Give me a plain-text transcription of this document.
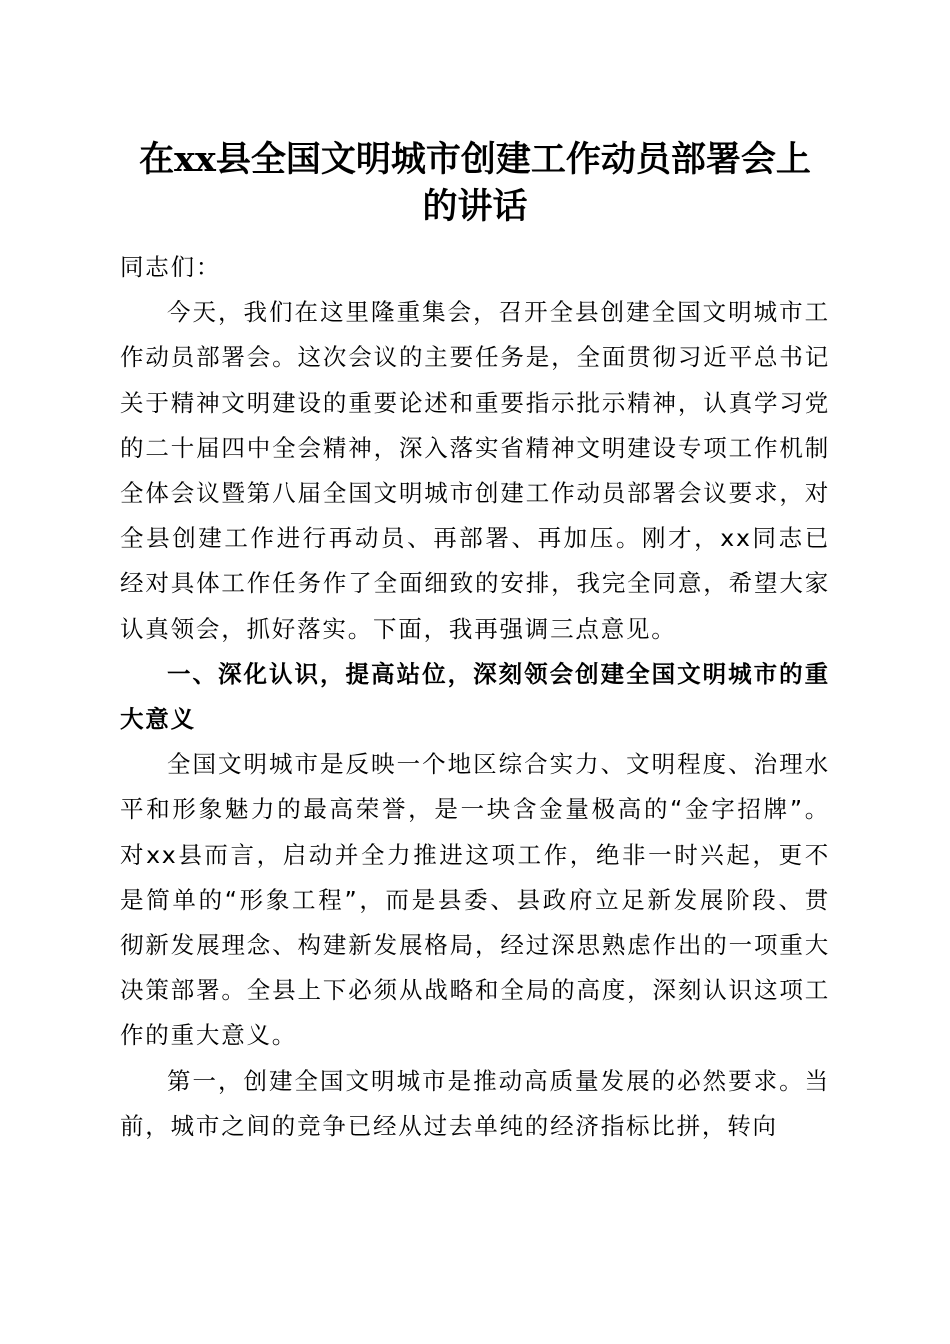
在xx县全国文明城市创建工作动员部署会上
的讲话

同志们：

今天，我们在这里隆重集会，召开全县创建全国文明城市工作动员部署会。这次会议的主要任务是，全面贯彻习近平总书记关于精神文明建设的重要论述和重要指示批示精神，认真学习党的二十届四中全会精神，深入落实省精神文明建设专项工作机制全体会议暨第八届全国文明城市创建工作动员部署会议要求，对全县创建工作进行再动员、再部署、再加压。刚才，xx同志已经对具体工作任务作了全面细致的安排，我完全同意，希望大家认真领会，抓好落实。下面，我再强调三点意见。

一、深化认识，提高站位，深刻领会创建全国文明城市的重大意义

全国文明城市是反映一个地区综合实力、文明程度、治理水平和形象魅力的最高荣誉，是一块含金量极高的“金字招牌”。对xx县而言，启动并全力推进这项工作，绝非一时兴起，更不是简单的“形象工程”，而是县委、县政府立足新发展阶段、贯彻新发展理念、构建新发展格局，经过深思熟虑作出的一项重大决策部署。全县上下必须从战略和全局的高度，深刻认识这项工作的重大意义。

第一，创建全国文明城市是推动高质量发展的必然要求。当前，城市之间的竞争已经从过去单纯的经济指标比拼，转向
